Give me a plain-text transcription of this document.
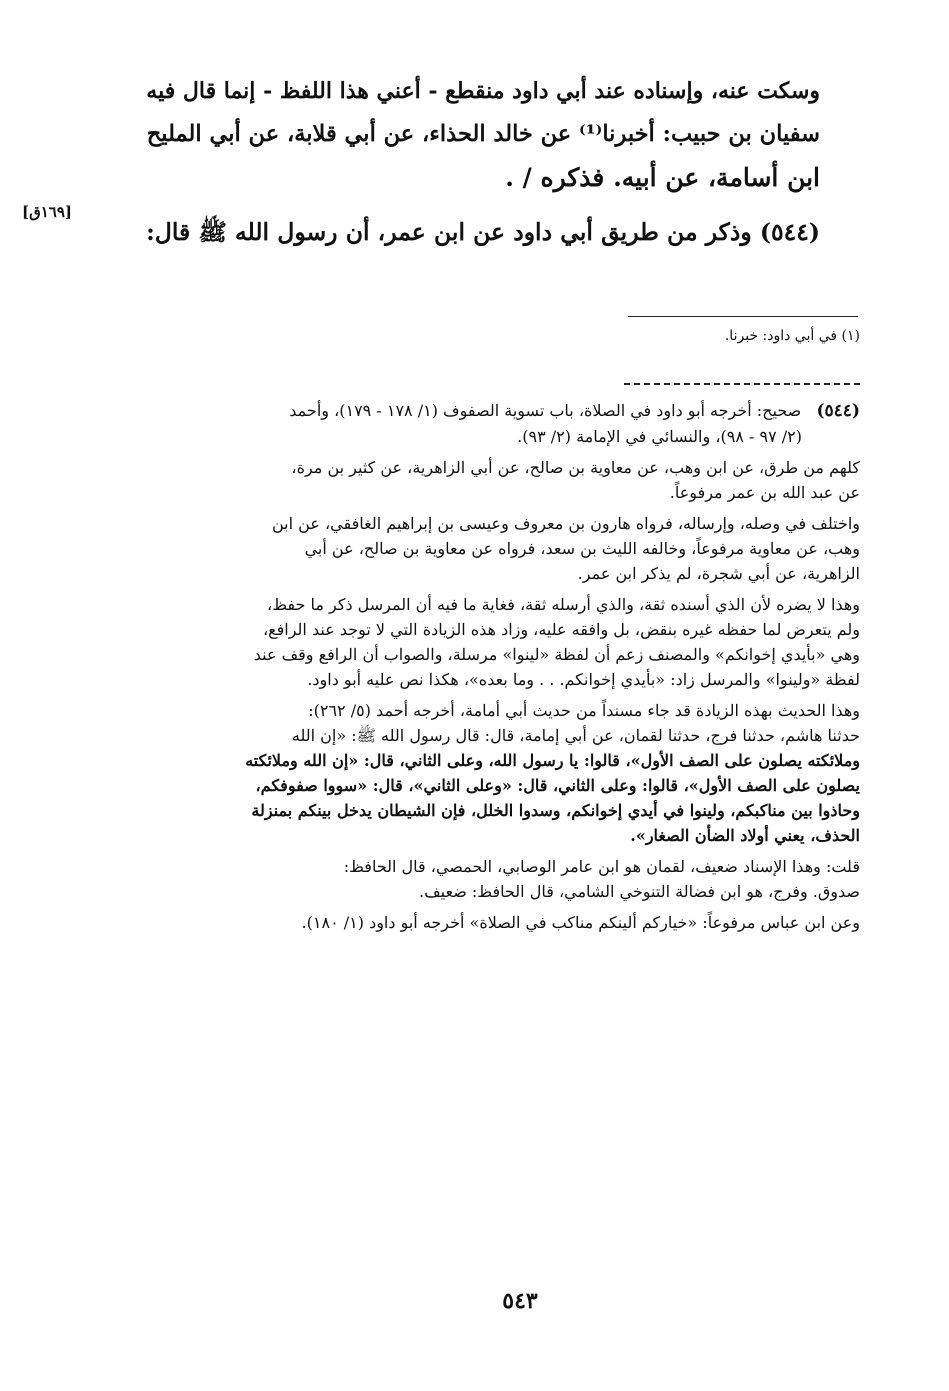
وسكت عنه، وإسناده عند أبي داود منقطع - أعني هذا اللفظ - إنما قال فيه
سفيان بن حبيب: أخبرنا⁽¹⁾ عن خالد الحذاء، عن أبي قلابة، عن أبي المليح
ابن أسامة، عن أبيه. فذكره / .
(٥٤٤) وذكر من طريق أبي داود عن ابن عمر، أن رسول الله ﷺ قال:
[١٦٩ق]
(١) في أبي داود: خبرنا.
(٥٤٤)   صحيح: أخرجه أبو داود في الصلاة، باب تسوية الصفوف (١/ ١٧٨ - ١٧٩)، وأحمد
(٢/ ٩٧ - ٩٨)، والنسائي في الإمامة (٢/ ٩٣).
كلهم من طرق، عن ابن وهب، عن معاوية بن صالح، عن أبي الزاهرية، عن كثير بن مرة،
عن عبد الله بن عمر مرفوعاً.
واختلف في وصله، وإرساله، فرواه هارون بن معروف وعيسى بن إبراهيم الغافقي، عن ابن
وهب، عن معاوية مرفوعاً، وخالفه الليث بن سعد، فرواه عن معاوية بن صالح، عن أبي
الزاهرية، عن أبي شجرة، لم يذكر ابن عمر.
وهذا لا يضره لأن الذي أسنده ثقة، والذي أرسله ثقة، فغاية ما فيه أن المرسل ذكر ما حفظ،
ولم يتعرض لما حفظه غيره بنقض، بل وافقه عليه، وزاد هذه الزيادة التي لا توجد عند الرافع،
وهي «بأيدي إخوانكم» والمصنف زعم أن لفظة «لينوا» مرسلة، والصواب أن الرافع وقف عند
لفظة «ولينوا» والمرسل زاد: «بأيدي إخوانكم. . . وما بعده»، هكذا نص عليه أبو داود.
وهذا الحديث بهذه الزيادة قد جاء مسنداً من حديث أبي أمامة، أخرجه أحمد (٥/ ٢٦٢):
حدثنا هاشم، حدثنا فرج، حدثنا لقمان، عن أبي إمامة، قال: قال رسول الله ﷺ: «إن الله
وملائكته يصلون على الصف الأول»، قالوا: يا رسول الله، وعلى الثاني، قال: «إن الله وملائكته
يصلون على الصف الأول»، قالوا: وعلى الثاني، قال: «وعلى الثاني»، قال: «سووا صفوفكم،
وحاذوا بين مناكبكم، ولينوا في أيدي إخوانكم، وسدوا الخلل، فإن الشيطان يدخل بينكم بمنزلة
الحذف، يعني أولاد الضأن الصغار».
قلت: وهذا الإسناد ضعيف، لقمان هو ابن عامر الوصابي، الحمصي، قال الحافظ:
صدوق. وفرج، هو ابن فضالة التنوخي الشامي، قال الحافظ: ضعيف.
وعن ابن عباس مرفوعاً: «خياركم ألينكم مناكب في الصلاة» أخرجه أبو داود (١/ ١٨٠).
٥٤٣
